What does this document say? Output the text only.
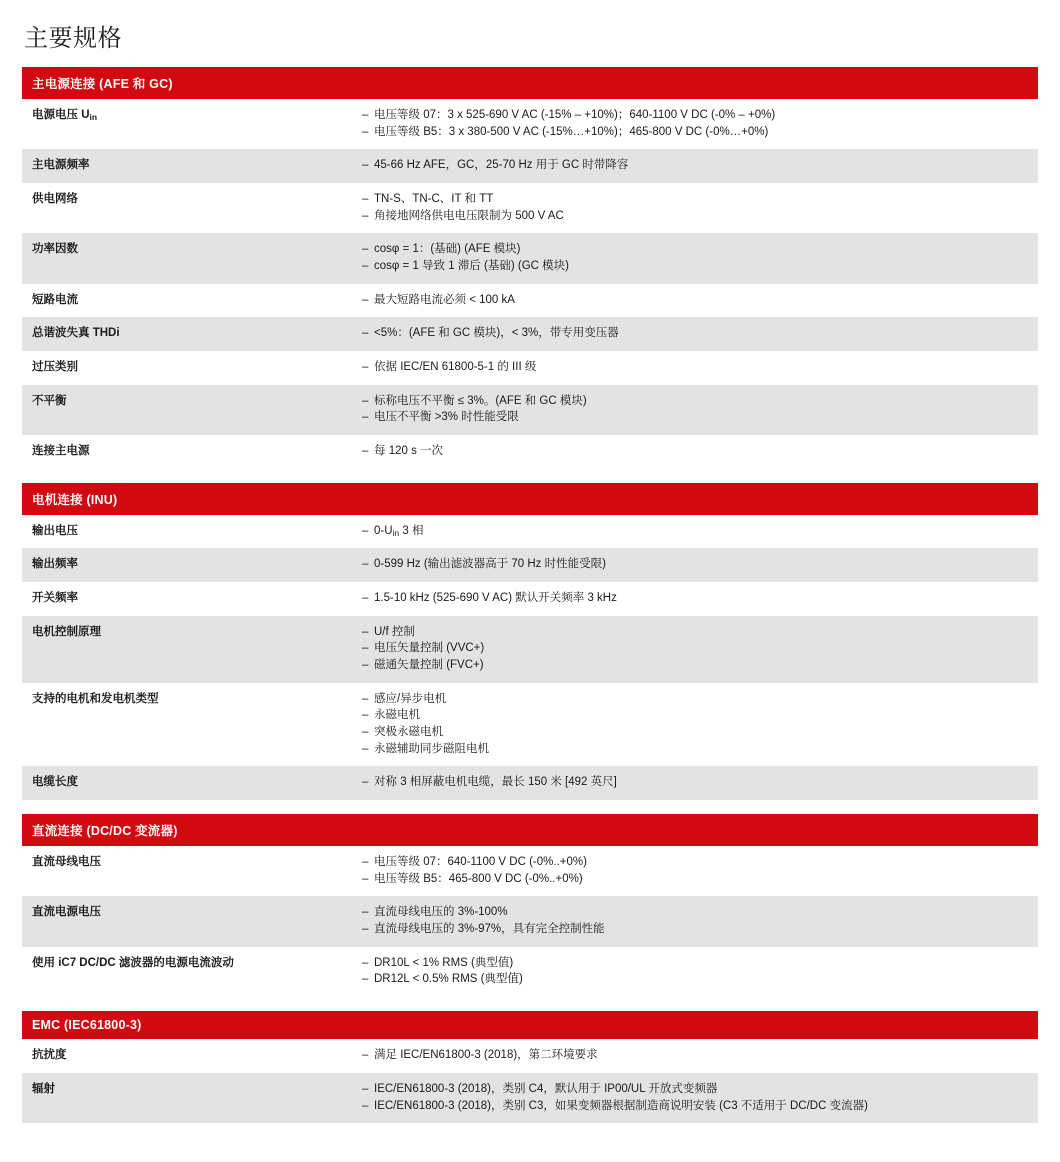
主要规格
主电源连接 (AFE 和 GC)
电源电压 $U_{in}$	– 电压等级 07：3 x 525-690 V AC (-15% – +10%)；640-1100 V DC (-0% – +0%)
– 电压等级 B5：3 x 380-500 V AC (-15%…+10%)；465-800 V DC (-0%…+0%)

主电源频率	– 45-66 Hz AFE，GC，25-70 Hz 用于 GC 时带降容

供电网络	– TN-S、TN-C、IT 和 TT
– 角接地网络供电电压限制为 500 V AC

功率因数	– cosφ = 1：(基础) (AFE 模块)
– cosφ = 1 导致 1 滞后 (基础) (GC 模块)

短路电流	– 最大短路电流必须 < 100 kA

总谐波失真 THDi	– <5%：(AFE 和 GC 模块)，< 3%，带专用变压器

过压类别	– 依据 IEC/EN 61800-5-1 的 III 级

不平衡	– 标称电压不平衡 ≤ 3%。(AFE 和 GC 模块)
– 电压不平衡 >3% 时性能受限

连接主电源	– 每 120 s 一次
电机连接 (INU)
输出电压	– $0-U_{in}$ 3 相

输出频率	– 0-599 Hz (输出滤波器高于 70 Hz 时性能受限)

开关频率	– 1.5-10 kHz (525-690 V AC) 默认开关频率 3 kHz

电机控制原理	– U/f 控制
– 电压矢量控制 (VVC+)
– 磁通矢量控制 (FVC+)

支持的电机和发电机类型	– 感应/异步电机
– 永磁电机
– 突极永磁电机
– 永磁辅助同步磁阻电机

电缆长度	– 对称 3 相屏蔽电机电缆，最长 150 米 [492 英尺]
直流连接 (DC/DC 变流器)
直流母线电压	– 电压等级 07：640-1100 V DC (-0%..+0%)
– 电压等级 B5：465-800 V DC (-0%..+0%)

直流电源电压	– 直流母线电压的 3%-100%
– 直流母线电压的 3%-97%，具有完全控制性能

使用 iC7 DC/DC 滤波器的电源电流波动	– DR10L < 1% RMS (典型值)
– DR12L < 0.5% RMS (典型值)
EMC (IEC61800-3)
抗扰度	– 满足 IEC/EN61800-3 (2018)，第二环境要求

辐射	– IEC/EN61800-3 (2018)，类别 C4，默认用于 IP00/UL 开放式变频器
– IEC/EN61800-3 (2018)，类别 C3，如果变频器根据制造商说明安装 (C3 不适用于 DC/DC 变流器)
